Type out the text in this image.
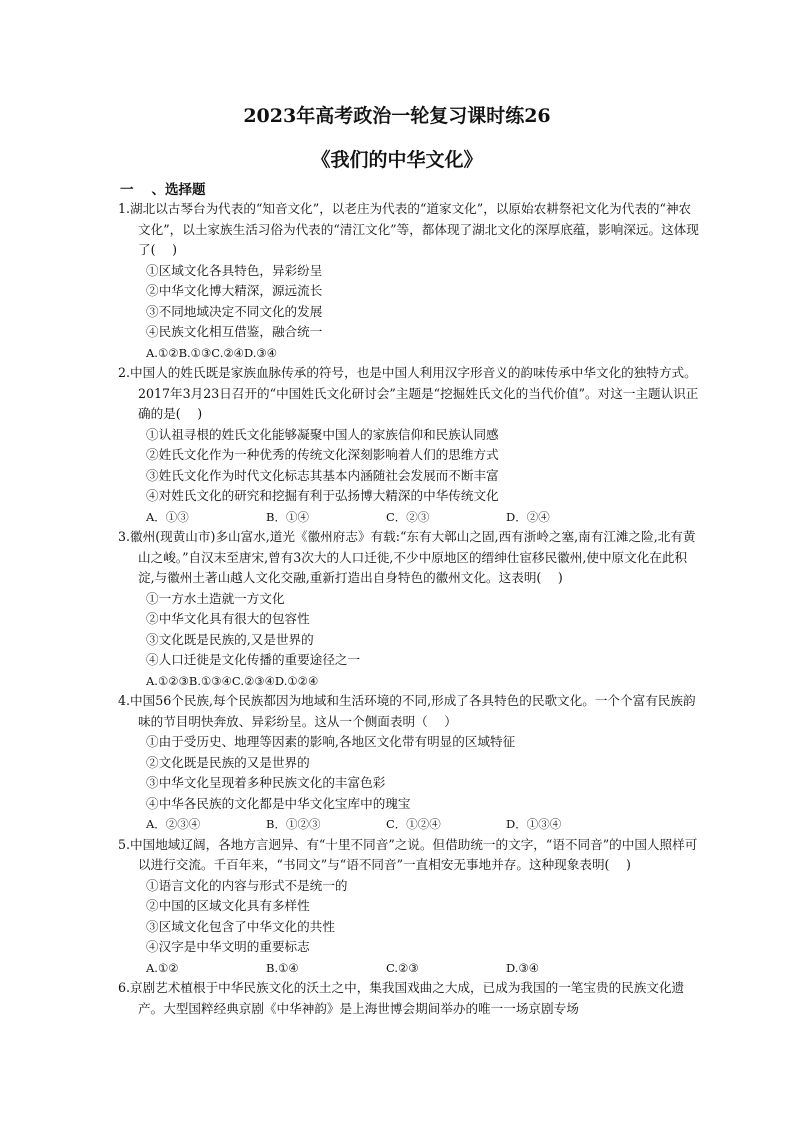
2023年高考政治一轮复习课时练26
《我们的中华文化》
一 、选择题
1.湖北以古琴台为代表的“知音文化”，以老庄为代表的“道家文化”，以原始农耕祭祀文化为代表的“神农文化”，以土家族生活习俗为代表的“清江文化”等，都体现了湖北文化的深厚底蕴，影响深远。这体现了(　 )
①区域文化各具特色，异彩纷呈
②中华文化博大精深，源远流长
③不同地域决定不同文化的发展
④民族文化相互借鉴，融合统一
A.①②B.①③C.②④D.③④
2.中国人的姓氏既是家族血脉传承的符号，也是中国人利用汉字形音义的韵味传承中华文化的独特方式。2017年3月23日召开的“中国姓氏文化研讨会”主题是“挖掘姓氏文化的当代价值”。对这一主题认识正确的是(　 )
①认祖寻根的姓氏文化能够凝聚中国人的家族信仰和民族认同感
②姓氏文化作为一种优秀的传统文化深刻影响着人们的思维方式
③姓氏文化作为时代文化标志其基本内涵随社会发展而不断丰富
④对姓氏文化的研究和挖掘有利于弘扬博大精深的中华传统文化
A．①③	B．①④	C．②③	D．②④
3.徽州(现黄山市)多山富水,道光《徽州府志》有载:“东有大鄣山之固,西有浙岭之塞,南有江滩之险,北有黄山之峻。”自汉末至唐宋,曾有3次大的人口迁徙,不少中原地区的缙绅仕宦移民徽州,使中原文化在此积淀,与徽州土著山越人文化交融,重新打造出自身特色的徽州文化。这表明(　 )
①一方水土造就一方文化
②中华文化具有很大的包容性
③文化既是民族的,又是世界的
④人口迁徙是文化传播的重要途径之一
A.①②③B.①③④C.②③④D.①②④
4.中国56个民族,每个民族都因为地域和生活环境的不同,形成了各具特色的民歌文化。一个个富有民族韵味的节目明快奔放、异彩纷呈。这从一个侧面表明（　 ）
①由于受历史、地理等因素的影响,各地区文化带有明显的区域特征
②文化既是民族的又是世界的
③中华文化呈现着多种民族文化的丰富色彩
④中华各民族的文化都是中华文化宝库中的瑰宝
A．②③④	B．①②③	C．①②④	D．①③④
5.中国地域辽阔，各地方言迥异、有“十里不同音”之说。但借助统一的文字，“语不同音”的中国人照样可以进行交流。千百年来，“书同文”与“语不同音”一直相安无事地并存。这种现象表明(　 )
①语言文化的内容与形式不是统一的
②中国的区域文化具有多样性
③区域文化包含了中华文化的共性
④汉字是中华文明的重要标志
A.①②	B.①④	C.②③	D.③④
6.京剧艺术植根于中华民族文化的沃土之中，集我国戏曲之大成，已成为我国的一笔宝贵的民族文化遗产。大型国粹经典京剧《中华神韵》是上海世博会期间举办的唯一一场京剧专场
